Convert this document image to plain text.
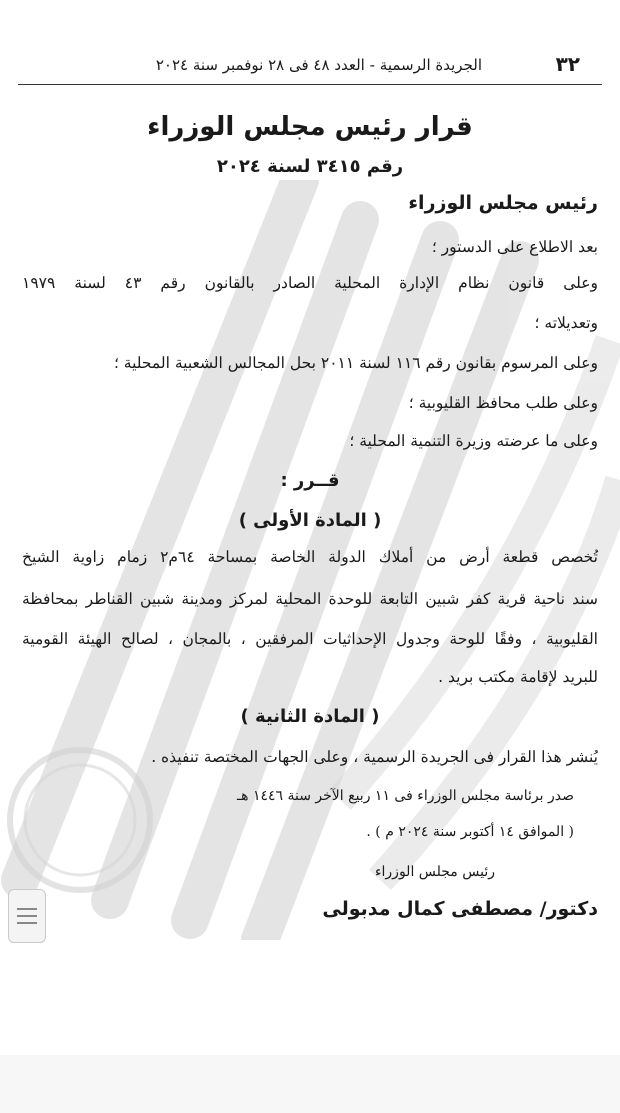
٣٢
الجريدة الرسمية - العدد ٤٨ فى ٢٨ نوفمبر سنة ٢٠٢٤
قرار رئيس مجلس الوزراء
رقم ٣٤١٥ لسنة ٢٠٢٤
رئيس مجلس الوزراء
بعد الاطلاع على الدستور ؛
وعلى قانون نظام الإدارة المحلية الصادر بالقانون رقم ٤٣ لسنة ١٩٧٩
وتعديلاته ؛
وعلى المرسوم بقانون رقم ١١٦ لسنة ٢٠١١ بحل المجالس الشعبية المحلية ؛
وعلى طلب محافظ القليوبية ؛
وعلى ما عرضته وزيرة التنمية المحلية ؛
قــرر :
( المادة الأولى )
تُخصص قطعة أرض من أملاك الدولة الخاصة بمساحة ٦٤م٢ زمام زاوية الشيخ
سند ناحية قرية كفر شبين التابعة للوحدة المحلية لمركز ومدينة شبين القناطر بمحافظة
القليوبية ، وفقًا للوحة وجدول الإحداثيات المرفقين ، بالمجان ، لصالح الهيئة القومية
للبريد لإقامة مكتب بريد .
( المادة الثانية )
يُنشر هذا القرار فى الجريدة الرسمية ، وعلى الجهات المختصة تنفيذه .
صدر برئاسة مجلس الوزراء فى ١١ ربيع الآخر سنة ١٤٤٦ هـ
( الموافق ١٤ أكتوبر سنة ٢٠٢٤ م ) .
رئيس مجلس الوزراء
دكتور/ مصطفى كمال مدبولى
